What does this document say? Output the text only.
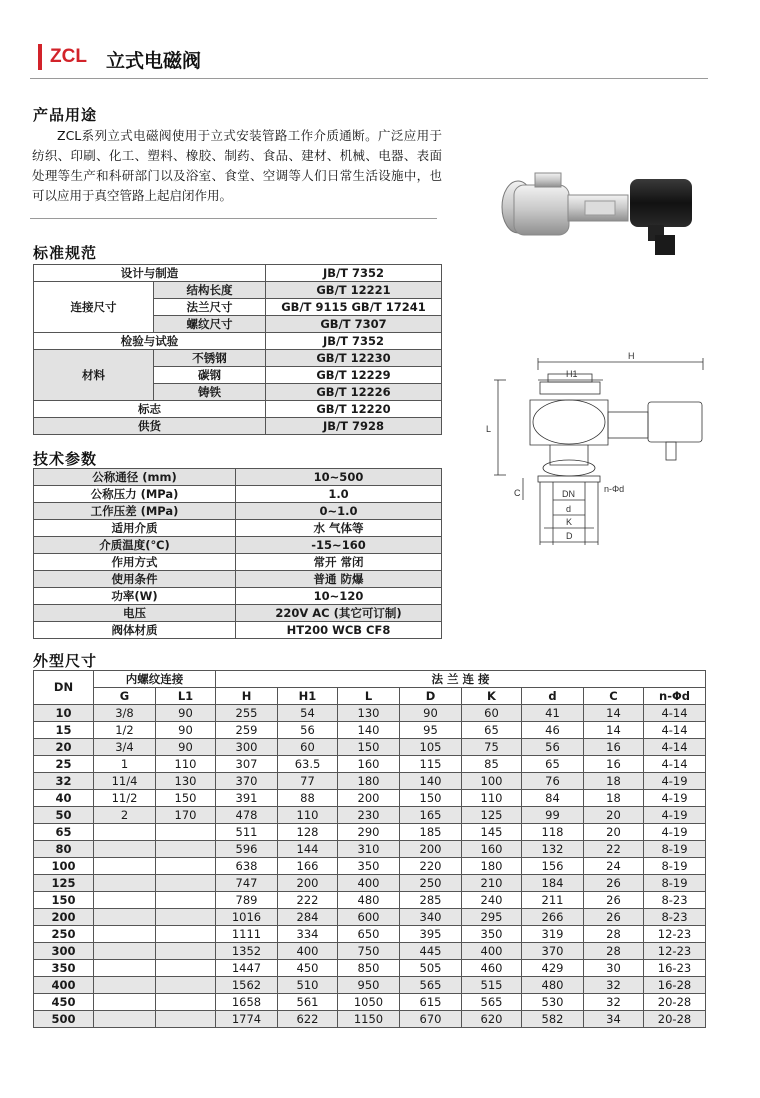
ZCL 立式电磁阀
产品用途

ZCL系列立式电磁阀使用于立式安装管路工作介质通断。广泛应用于纺织、印刷、化工、塑料、橡胶、制药、食品、建材、机械、电器、表面处理等生产和科研部门以及浴室、食堂、空调等人们日常生活设施中，也可以应用于真空管路上起启闭作用。

标准规范
设计与制造		JB/T 7352
连接尺寸	结构长度	GB/T 12221
	法兰尺寸	GB/T 9115 GB/T 17241
	螺纹尺寸	GB/T 7307
检验与试验		JB/T 7352
材料	不锈钢	GB/T 12230
	碳钢	GB/T 12229
	铸铁	GB/T 12226
标志		GB/T 12220
供货		JB/T 7928
技术参数
公称通径 (mm)	10~500
公称压力 (MPa)	1.0
工作压差 (MPa)	0~1.0
适用介质	水 气体等
介质温度(℃)	-15~160
作用方式	常开 常闭
使用条件	普通 防爆
功率(W)	10~120
电压	220V AC (其它可订制)
阀体材质	HT200 WCB CF8
H
H1
L
C	DN	n-Φd
d
K
D
外型尺寸
DN	内螺纹连接		法 兰 连 接							
	G	L1	H	H1	L	D	K	d	C	n-Φd
10	3/8	90	255	54	130	90	60	41	14	4-14
15	1/2	90	259	56	140	95	65	46	14	4-14
20	3/4	90	300	60	150	105	75	56	16	4-14
25	1	110	307	63.5	160	115	85	65	16	4-14
32	11/4	130	370	77	180	140	100	76	18	4-19
40	11/2	150	391	88	200	150	110	84	18	4-19
50	2	170	478	110	230	165	125	99	20	4-19
65			511	128	290	185	145	118	20	4-19
80			596	144	310	200	160	132	22	8-19
100			638	166	350	220	180	156	24	8-19
125			747	200	400	250	210	184	26	8-19
150			789	222	480	285	240	211	26	8-23
200			1016	284	600	340	295	266	26	8-23
250			1111	334	650	395	350	319	28	12-23
300			1352	400	750	445	400	370	28	12-23
350			1447	450	850	505	460	429	30	16-23
400			1562	510	950	565	515	480	32	16-28
450			1658	561	1050	615	565	530	32	20-28
500			1774	622	1150	670	620	582	34	20-28
